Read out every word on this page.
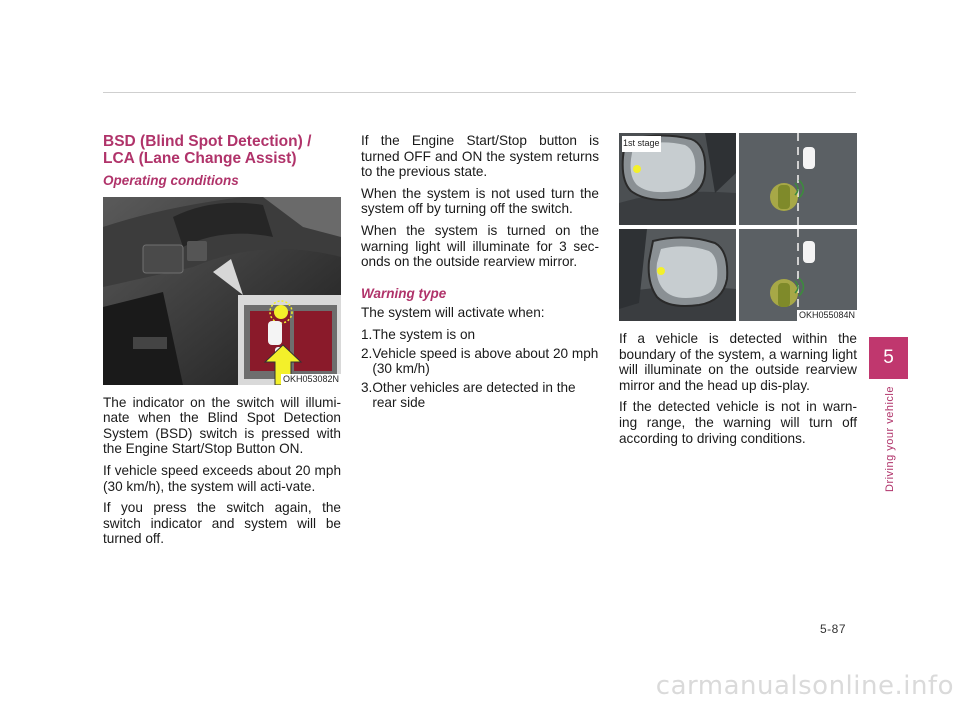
BSD (Blind Spot Detection) /
LCA (Lane Change Assist)
Operating conditions
OKH053082N

The indicator on the switch will illumi-nate when the Blind Spot Detection System (BSD) switch is pressed with the Engine Start/Stop Button ON.

If vehicle speed exceeds about 20 mph (30 km/h), the system will acti-vate.

If you press the switch again, the switch indicator and system will be turned off.

If the Engine Start/Stop button is turned OFF and ON the system returns to the previous state.

When the system is not used turn the system off by turning off the switch.

When the system is turned on the warning light will illuminate for 3 sec-onds on the outside rearview mirror.

Warning type

The system will activate when:

1. The system is on
2. Vehicle speed is above about 20 mph (30 km/h)
3. Other vehicles are detected in the rear side
1st stage
OKH055084N

If a vehicle is detected within the boundary of the system, a warning light will illuminate on the outside rearview mirror and the head up dis-play.

If the detected vehicle is not in warn-ing range, the warning will turn off according to driving conditions.

5
Driving your vehicle
5-87
carmanualsonline.info
